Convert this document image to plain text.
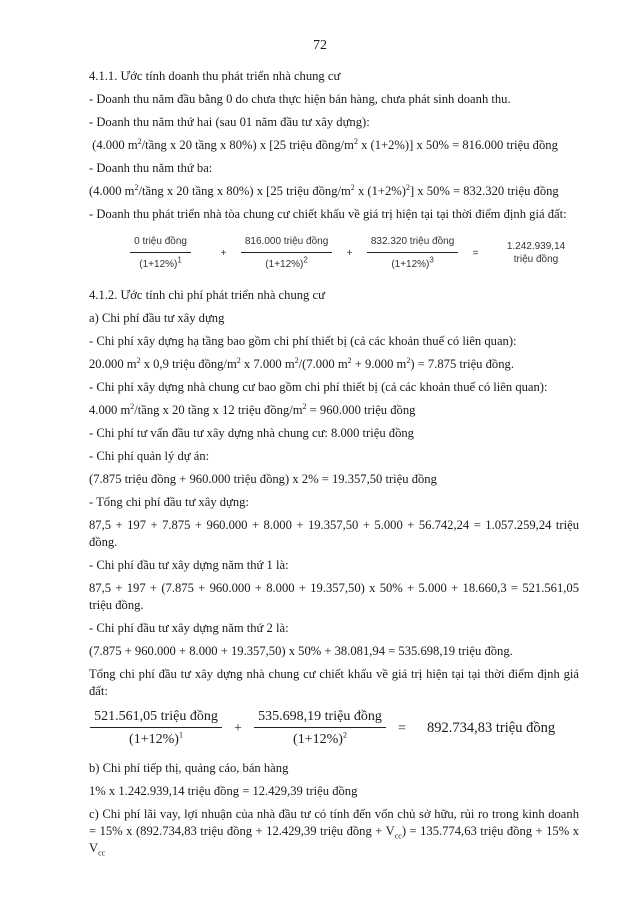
72

4.1.1. Ước tính doanh thu phát triển nhà chung cư

- Doanh thu năm đầu bằng 0 do chưa thực hiện bán hàng, chưa phát sinh doanh thu.

- Doanh thu năm thứ hai (sau 01 năm đầu tư xây dựng):

(4.000 $m^2$/tầng x 20 tầng x 80%) x [25 triệu đồng/$m^2$ x (1+2%)] x 50% = 816.000 triệu đồng

- Doanh thu năm thứ ba:

(4.000 $m^2$/tầng x 20 tầng x 80%) x [25 triệu đồng/$m^2$ x $(1+2\%)^2$] x 50% = 832.320 triệu đồng

- Doanh thu phát triển nhà tòa chung cư chiết khấu về giá trị hiện tại tại thời điểm định giá đất:

$\frac{\text{0 triệu đồng}}{(1+12\%)^1} + \frac{\text{816.000 triệu đồng}}{(1+12\%)^2} + \frac{\text{832.320 triệu đồng}}{(1+12\%)^3}$ =
1.242.939,14
triệu đồng

4.1.2. Ước tính chi phí phát triển nhà chung cư

a) Chi phí đầu tư xây dựng

- Chi phí xây dựng hạ tầng bao gồm chi phí thiết bị (cả các khoản thuế có liên quan):

20.000 $m^2$ x 0,9 triệu đồng/$m^2$ x 7.000 $m^2/(7.000$ $m^2 + 9.000$ $m^2) = 7.875$ triệu đồng.

- Chi phí xây dựng nhà chung cư bao gồm chi phí thiết bị (cả các khoản thuế có liên quan):

4.000 $m^2$/tầng x 20 tầng x 12 triệu đồng/$m^2 = 960.000$ triệu đồng

- Chi phí tư vấn đầu tư xây dựng nhà chung cư: 8.000 triệu đồng

- Chi phí quản lý dự án:

(7.875 triệu đồng + 960.000 triệu đồng) x 2% = 19.357,50 triệu đồng

- Tổng chi phí đầu tư xây dựng:

87,5 + 197 + 7.875 + 960.000 + 8.000 + 19.357,50 + 5.000 + 56.742,24 = 1.057.259,24 triệu đồng.

- Chi phí đầu tư xây dựng năm thứ 1 là:

87,5 + 197 + (7.875 + 960.000 + 8.000 + 19.357,50) x 50% + 5.000 + 18.660,3 = 521.561,05 triệu đồng.

- Chi phí đầu tư xây dựng năm thứ 2 là:

(7.875 + 960.000 + 8.000 + 19.357,50) x 50% + 38.081,94 = 535.698,19 triệu đồng.

Tổng chi phí đầu tư xây dựng nhà chung cư chiết khấu về giá trị hiện tại tại thời điểm định giá đất:

$\frac{\text{521.561,05 triệu đồng}}{(1+12\%)^1} + \frac{\text{535.698,19 triệu đồng}}{(1+12\%)^2}$ =	892.734,83 triệu đồng

b) Chi phí tiếp thị, quảng cáo, bán hàng

1% x 1.242.939,14 triệu đồng = 12.429,39 triệu đồng

c) Chi phí lãi vay, lợi nhuận của nhà đầu tư có tính đến vốn chủ sở hữu, rủi ro trong kinh doanh = 15% x (892.734,83 triệu đồng + 12.429,39 triệu đồng + $V_{cc}) = 135.774,63$ triệu đồng + 15% x $V_{cc}$
